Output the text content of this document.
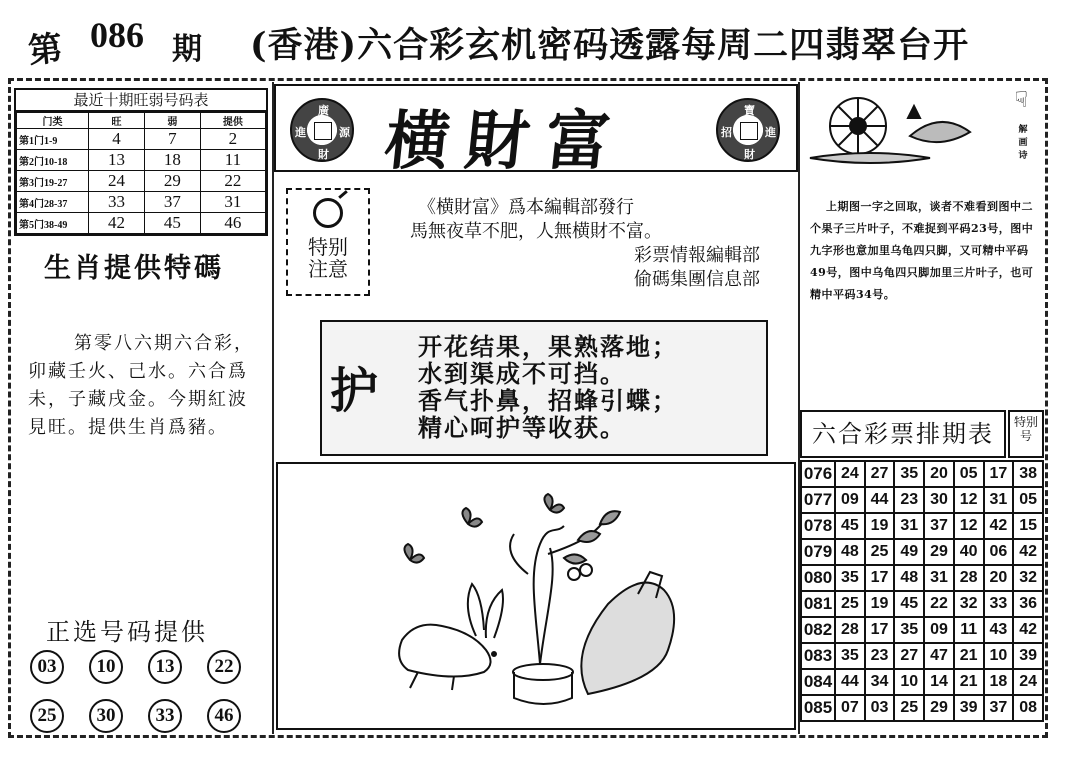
第 086 期 (香港)六合彩玄机密码透露每周二四翡翠台开
最近十期旺弱号码表
门类	旺	弱	提供
第1门1-9	4	7	2
第2门10-18	13	18	11
第3门19-27	24	29	22
第4门28-37	33	37	31
第5门38-49	42	45	46
生肖提供特碼
第零八六期六合彩，卯藏壬火、己水。六合爲未，子藏戌金。今期紅波見旺。提供生肖爲豬。
正选号码提供
03	10	13	22
25	30	33	46
廣
進	源
財 横財富	寶
招	進
財
特别
注意
《横財富》爲本編輯部發行
馬無夜草不肥，人無横財不富。
彩票情報編輯部
偷碼集團信息部
护
开花结果，果熟落地；
水到渠成不可挡。
香气扑鼻，招蜂引蝶；
精心呵护等收获。
☟
解画诗
上期图一字之回取，谈者不难看到图中二个果子三片叶子，不难捉到平码23号，图中九字形也意加里乌龟四只脚，又可精中平码49号，图中乌龟四只脚加里三片叶子，也可精中平码34号。
六合彩票排期表	特别号
076	24	27	35	20	05	17	38
077	09	44	23	30	12	31	05
078	45	19	31	37	12	42	15
079	48	25	49	29	40	06	42
080	35	17	48	31	28	20	32
081	25	19	45	22	32	33	36
082	28	17	35	09	11	43	42
083	35	23	27	47	21	10	39
084	44	34	10	14	21	18	24
085	07	03	25	29	39	37	08
